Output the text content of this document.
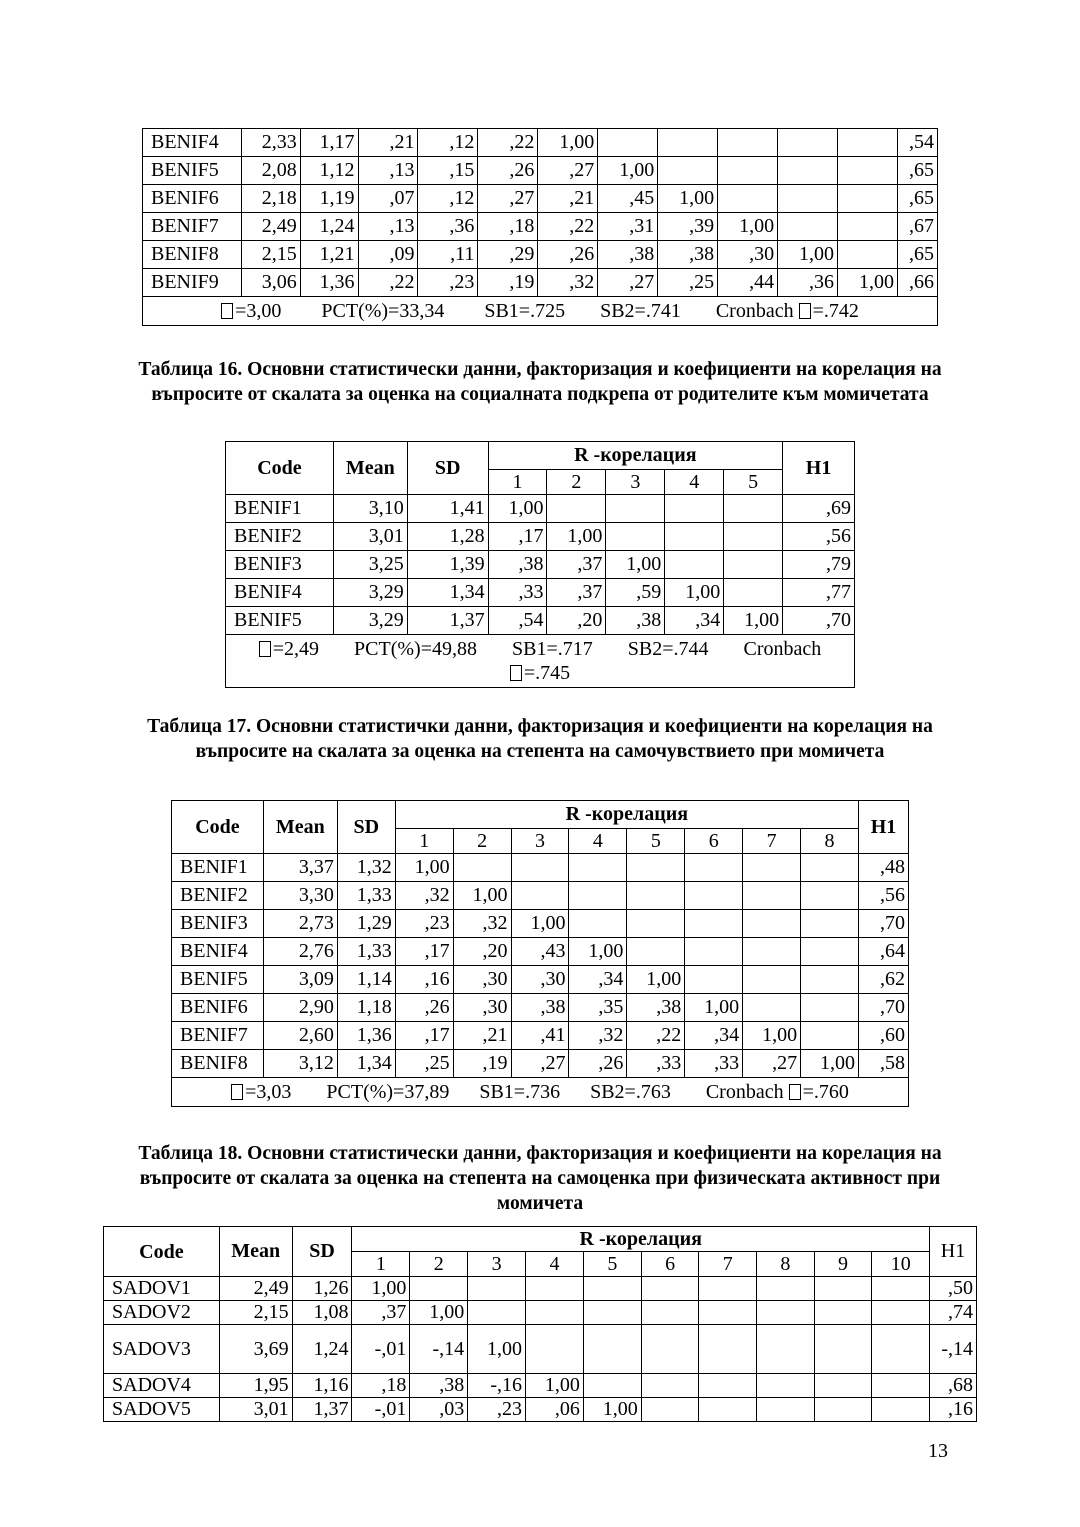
BENIF4	2,33	1,17	,21	,12	,22	1,00						,54
BENIF5	2,08	1,12	,13	,15	,26	,27	1,00					,65
BENIF6	2,18	1,19	,07	,12	,27	,21	,45	1,00				,65
BENIF7	2,49	1,24	,13	,36	,18	,22	,31	,39	1,00			,67
BENIF8	2,15	1,21	,09	,11	,29	,26	,38	,38	,30	1,00		,65
BENIF9	3,06	1,36	,22	,23	,19	,32	,27	,25	,44	,36	1,00	,66
=3,00 PCT(%)=33,34 SB1=.725 SB2=.741 Cronbach =.742												
Таблица 16. Основни статистически данни, факторизация и коефициенти на корелация на въпросите от скалата за оценка на социалната подкрепа от родителите към момичетата
Code	Mean	SD	R -корелация					H1
			1	2	3	4	5	
BENIF1	3,10	1,41	1,00					,69
BENIF2	3,01	1,28	,17	1,00				,56
BENIF3	3,25	1,39	,38	,37	1,00			,79
BENIF4	3,29	1,34	,33	,37	,59	1,00		,77
BENIF5	3,29	1,37	,54	,20	,38	,34	1,00	,70
=2,49 PCT(%)=49,88 SB1=.717 SB2=.744 Cronbach
=.745								
Таблица 17. Основни статистички данни, факторизация и коефициенти на корелация на въпросите на скалата за оценка на степента на самочувствието при момичета
Code	Mean	SD	R -корелация								H1
			1	2	3	4	5	6	7	8	
BENIF1	3,37	1,32	1,00								,48
BENIF2	3,30	1,33	,32	1,00							,56
BENIF3	2,73	1,29	,23	,32	1,00						,70
BENIF4	2,76	1,33	,17	,20	,43	1,00					,64
BENIF5	3,09	1,14	,16	,30	,30	,34	1,00				,62
BENIF6	2,90	1,18	,26	,30	,38	,35	,38	1,00			,70
BENIF7	2,60	1,36	,17	,21	,41	,32	,22	,34	1,00		,60
BENIF8	3,12	1,34	,25	,19	,27	,26	,33	,33	,27	1,00	,58
=3,03 PCT(%)=37,89 SB1=.736 SB2=.763 Cronbach =.760											
Таблица 18. Основни статистически данни, факторизация и коефициенти на корелация на въпросите от скалата за оценка на степента на самоценка при физическата активност при момичета
Code	Mean	SD	R -корелация										H1
			1	2	3	4	5	6	7	8	9	10	
SADOV1	2,49	1,26	1,00										,50
SADOV2	2,15	1,08	,37	1,00									,74
SADOV3	3,69	1,24	-,01	-,14	1,00								-,14
SADOV4	1,95	1,16	,18	,38	-,16	1,00							,68
SADOV5	3,01	1,37	-,01	,03	,23	,06	1,00						,16
13
